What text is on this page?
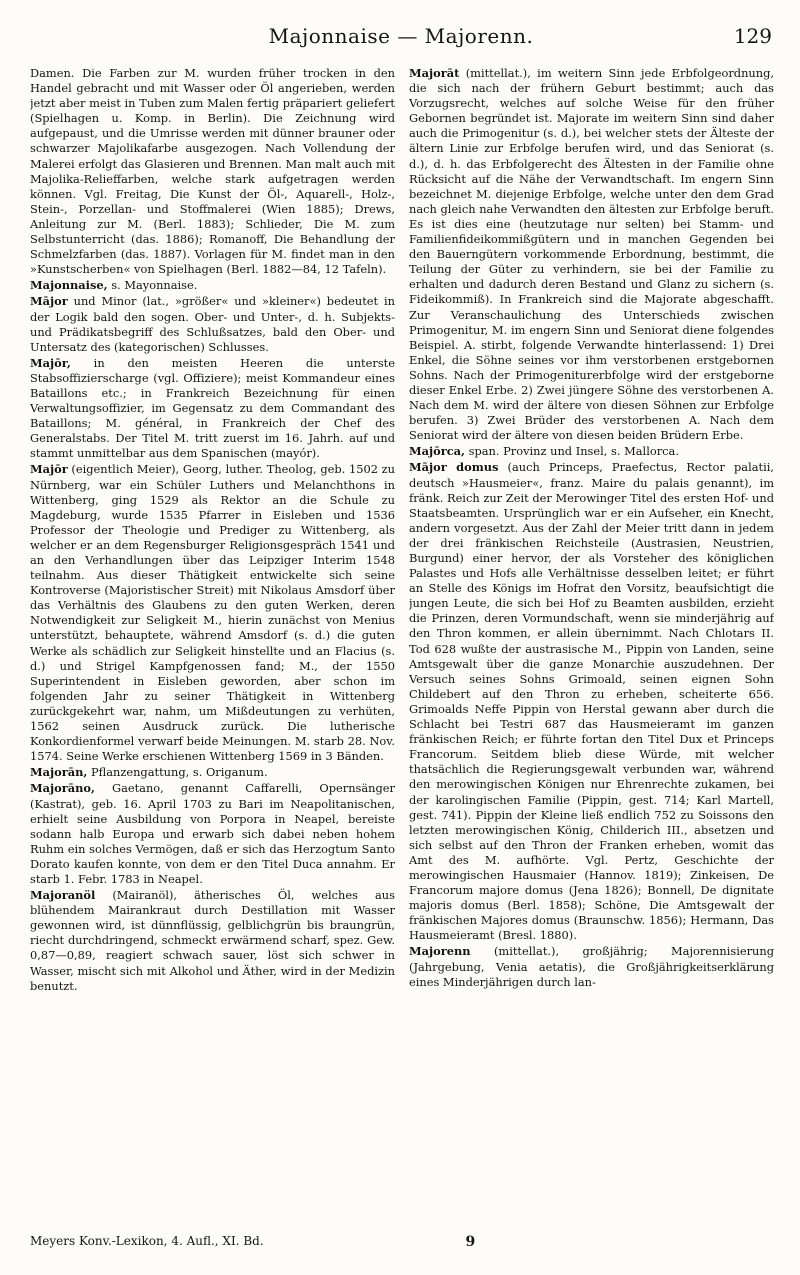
Majonnaise — Majorenn.	129

Damen. Die Farben zur M. wurden früher trocken in den Handel gebracht und mit Wasser oder Öl angerieben, werden jetzt aber meist in Tuben zum Malen fertig präpariert geliefert (Spielhagen u. Komp. in Berlin). Die Zeichnung wird aufgepaust, und die Umrisse werden mit dünner brauner oder schwarzer Majolikafarbe ausgezogen. Nach Vollendung der Malerei erfolgt das Glasieren und Brennen. Man malt auch mit Majolika-Relieffarben, welche stark aufgetragen werden können. Vgl. Freitag, Die Kunst der Öl-, Aquarell-, Holz-, Stein-, Porzellan- und Stoffmalerei (Wien 1885); Drews, Anleitung zur M. (Berl. 1883); Schlieder, Die M. zum Selbstunterricht (das. 1886); Romanoff, Die Behandlung der Schmelzfarben (das. 1887). Vorlagen für M. findet man in den »Kunstscherben« von Spielhagen (Berl. 1882—84, 12 Tafeln).

Majonnaise, s. Mayonnaise.

Mājor und Minor (lat., »größer« und »kleiner«) bedeutet in der Logik bald den sogen. Ober- und Unter-, d. h. Subjekts- und Prädikatsbegriff des Schlußsatzes, bald den Ober- und Untersatz des (kategorischen) Schlusses.

Majōr, in den meisten Heeren die unterste Stabsoffizierscharge (vgl. Offiziere); meist Kommandeur eines Bataillons etc.; in Frankreich Bezeichnung für einen Verwaltungsoffizier, im Gegensatz zu dem Commandant des Bataillons; M. général, in Frankreich der Chef des Generalstabs. Der Titel M. tritt zuerst im 16. Jahrh. auf und stammt unmittelbar aus dem Spanischen (mayór).

Majōr (eigentlich Meier), Georg, luther. Theolog, geb. 1502 zu Nürnberg, war ein Schüler Luthers und Melanchthons in Wittenberg, ging 1529 als Rektor an die Schule zu Magdeburg, wurde 1535 Pfarrer in Eisleben und 1536 Professor der Theologie und Prediger zu Wittenberg, als welcher er an dem Regensburger Religionsgespräch 1541 und an den Verhandlungen über das Leipziger Interim 1548 teilnahm. Aus dieser Thätigkeit entwickelte sich seine Kontroverse (Majoristischer Streit) mit Nikolaus Amsdorf über das Verhältnis des Glaubens zu den guten Werken, deren Notwendigkeit zur Seligkeit M., hierin zunächst von Menius unterstützt, behauptete, während Amsdorf (s. d.) die guten Werke als schädlich zur Seligkeit hinstellte und an Flacius (s. d.) und Strigel Kampfgenossen fand; M., der 1550 Superintendent in Eisleben geworden, aber schon im folgenden Jahr zu seiner Thätigkeit in Wittenberg zurückgekehrt war, nahm, um Mißdeutungen zu verhüten, 1562 seinen Ausdruck zurück. Die lutherische Konkordienformel verwarf beide Meinungen. M. starb 28. Nov. 1574. Seine Werke erschienen Wittenberg 1569 in 3 Bänden.

Majorān, Pflanzengattung, s. Origanum.

Majorāno, Gaetano, genannt Caffarelli, Opernsänger (Kastrat), geb. 16. April 1703 zu Bari im Neapolitanischen, erhielt seine Ausbildung von Porpora in Neapel, bereiste sodann halb Europa und erwarb sich dabei neben hohem Ruhm ein solches Vermögen, daß er sich das Herzogtum Santo Dorato kaufen konnte, von dem er den Titel Duca annahm. Er starb 1. Febr. 1783 in Neapel.

Majoranöl (Mairanöl), ätherisches Öl, welches aus blühendem Mairankraut durch Destillation mit Wasser gewonnen wird, ist dünnflüssig, gelblichgrün bis braungrün, riecht durchdringend, schmeckt erwärmend scharf, spez. Gew. 0,87—0,89, reagiert schwach sauer, löst sich schwer in Wasser, mischt sich mit Alkohol und Äther, wird in der Medizin benutzt.

Majorāt (mittellat.), im weitern Sinn jede Erbfolgeordnung, die sich nach der frühern Geburt bestimmt; auch das Vorzugsrecht, welches auf solche Weise für den früher Gebornen begründet ist. Majorate im weitern Sinn sind daher auch die Primogenitur (s. d.), bei welcher stets der Älteste der ältern Linie zur Erbfolge berufen wird, und das Seniorat (s. d.), d. h. das Erbfolgerecht des Ältesten in der Familie ohne Rücksicht auf die Nähe der Verwandtschaft. Im engern Sinn bezeichnet M. diejenige Erbfolge, welche unter den dem Grad nach gleich nahe Verwandten den ältesten zur Erbfolge beruft. Es ist dies eine (heutzutage nur selten) bei Stamm- und Familienfideikommißgütern und in manchen Gegenden bei den Bauerngütern vorkommende Erbordnung, bestimmt, die Teilung der Güter zu verhindern, sie bei der Familie zu erhalten und dadurch deren Bestand und Glanz zu sichern (s. Fideikommiß). In Frankreich sind die Majorate abgeschafft. Zur Veranschaulichung des Unterschieds zwischen Primogenitur, M. im engern Sinn und Seniorat diene folgendes Beispiel. A. stirbt, folgende Verwandte hinterlassend: 1) Drei Enkel, die Söhne seines vor ihm verstorbenen erstgebornen Sohns. Nach der Primogeniturerbfolge wird der erstgeborne dieser Enkel Erbe. 2) Zwei jüngere Söhne des verstorbenen A. Nach dem M. wird der ältere von diesen Söhnen zur Erbfolge berufen. 3) Zwei Brüder des verstorbenen A. Nach dem Seniorat wird der ältere von diesen beiden Brüdern Erbe.

Majōrca, span. Provinz und Insel, s. Mallorca.

Mājor domus (auch Princeps, Praefectus, Rector palatii, deutsch »Hausmeier«, franz. Maire du palais genannt), im fränk. Reich zur Zeit der Merowinger Titel des ersten Hof- und Staatsbeamten. Ursprünglich war er ein Aufseher, ein Knecht, andern vorgesetzt. Aus der Zahl der Meier tritt dann in jedem der drei fränkischen Reichsteile (Austrasien, Neustrien, Burgund) einer hervor, der als Vorsteher des königlichen Palastes und Hofs alle Verhältnisse desselben leitet; er führt an Stelle des Königs im Hofrat den Vorsitz, beaufsichtigt die jungen Leute, die sich bei Hof zu Beamten ausbilden, erzieht die Prinzen, deren Vormundschaft, wenn sie minderjährig auf den Thron kommen, er allein übernimmt. Nach Chlotars II. Tod 628 wußte der austrasische M., Pippin von Landen, seine Amtsgewalt über die ganze Monarchie auszudehnen. Der Versuch seines Sohns Grimoald, seinen eignen Sohn Childebert auf den Thron zu erheben, scheiterte 656. Grimoalds Neffe Pippin von Herstal gewann aber durch die Schlacht bei Testri 687 das Hausmeieramt im ganzen fränkischen Reich; er führte fortan den Titel Dux et Princeps Francorum. Seitdem blieb diese Würde, mit welcher thatsächlich die Regierungsgewalt verbunden war, während den merowingischen Königen nur Ehrenrechte zukamen, bei der karolingischen Familie (Pippin, gest. 714; Karl Martell, gest. 741). Pippin der Kleine ließ endlich 752 zu Soissons den letzten merowingischen König, Childerich III., absetzen und sich selbst auf den Thron der Franken erheben, womit das Amt des M. aufhörte. Vgl. Pertz, Geschichte der merowingischen Hausmaier (Hannov. 1819); Zinkeisen, De Francorum majore domus (Jena 1826); Bonnell, De dignitate majoris domus (Berl. 1858); Schöne, Die Amtsgewalt der fränkischen Majores domus (Braunschw. 1856); Hermann, Das Hausmeieramt (Bresl. 1880).

Majorenn (mittellat.), großjährig; Majorennisierung (Jahrgebung, Venia aetatis), die Großjährigkeitserklärung eines Minderjährigen durch lan-

Meyers Konv.-Lexikon, 4. Aufl., XI. Bd.	9
